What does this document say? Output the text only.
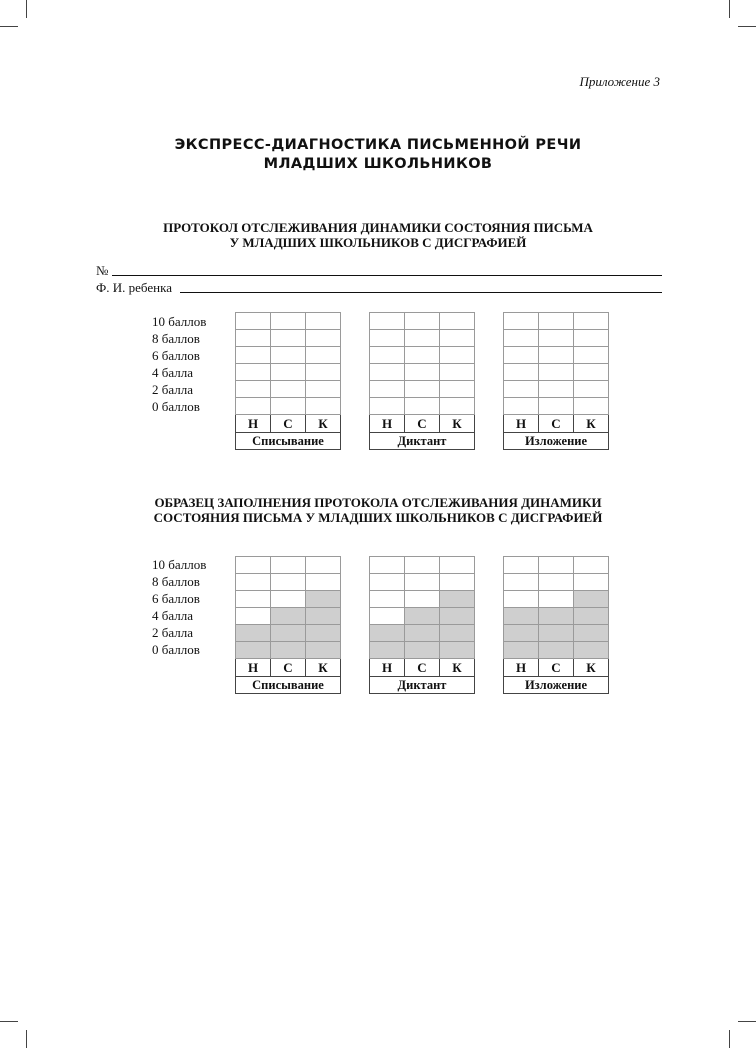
Приложение 3
ЭКСПРЕСС-ДИАГНОСТИКА ПИСЬМЕННОЙ РЕЧИ
МЛАДШИХ ШКОЛЬНИКОВ
ПРОТОКОЛ ОТСЛЕЖИВАНИЯ ДИНАМИКИ СОСТОЯНИЯ ПИСЬМА
У МЛАДШИХ ШКОЛЬНИКОВ С ДИСГРАФИЕЙ
№
Ф. И. ребенка
10 баллов
8 баллов
6 баллов
4 балла
2 балла
0 баллов

Н	С	К
Списывание		

Н	С	К
Диктант		

Н	С	К
Изложение		
ОБРАЗЕЦ ЗАПОЛНЕНИЯ ПРОТОКОЛА ОТСЛЕЖИВАНИЯ ДИНАМИКИ
СОСТОЯНИЯ ПИСЬМА У МЛАДШИХ ШКОЛЬНИКОВ С ДИСГРАФИЕЙ
10 баллов
8 баллов
6 баллов
4 балла
2 балла
0 баллов

Н	С	К
Списывание		

Н	С	К
Диктант		

Н	С	К
Изложение		
